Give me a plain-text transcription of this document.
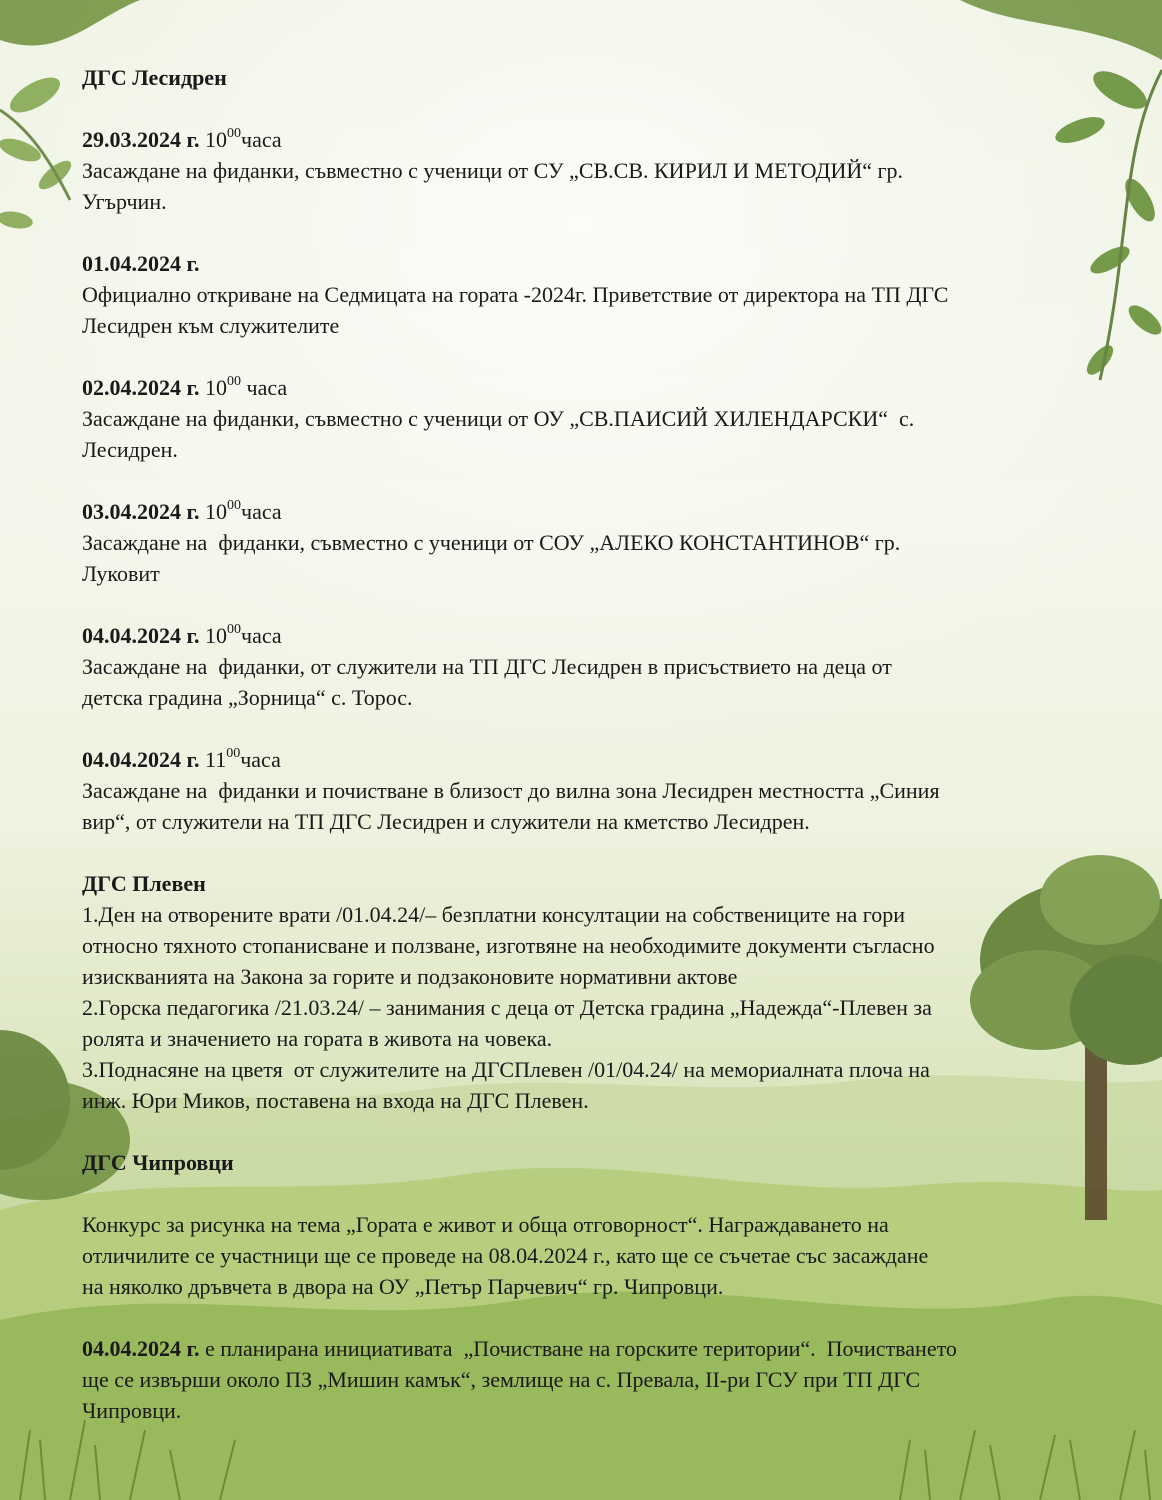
ДГС Лесидрен
29.03.2024 г. $10^{00}часа$
Засаждане на фиданки, съвместно с ученици от СУ „СВ.СВ. КИРИЛ И МЕТОДИЙ“ гр.
Угърчин.
01.04.2024 г.
Официално откриване на Седмицата на гората -2024г. Приветствие от директора на ТП ДГС
Лесидрен към служителите
02.04.2024 г. $10^{00}$ часа
Засаждане на фиданки, съвместно с ученици от ОУ „СВ.ПАИСИЙ ХИЛЕНДАРСКИ“  с.
Лесидрен.
03.04.2024 г. $10^{00}часа$
Засаждане на  фиданки, съвместно с ученици от СОУ „АЛЕКО КОНСТАНТИНОВ“ гр.
Луковит
04.04.2024 г. $10^{00}часа$
Засаждане на  фиданки, от служители на ТП ДГС Лесидрен в присъствието на деца от
детска градина „Зорница“ с. Торос.
04.04.2024 г. $11^{00}часа$
Засаждане на  фиданки и почистване в близост до вилна зона Лесидрен местността „Синия
вир“, от служители на ТП ДГС Лесидрен и служители на кметство Лесидрен.
ДГС Плевен
1.Ден на отворените врати /01.04.24/– безплатни консултации на собствениците на гори
относно тяхното стопанисване и ползване, изготвяне на необходимите документи съгласно
изискванията на Закона за горите и подзаконовите нормативни актове
2.Горска педагогика /21.03.24/ – занимания с деца от Детска градина „Надежда“-Плевен за
ролята и значението на гората в живота на човека.
3.Поднасяне на цветя  от служителите на ДГСПлевен /01/04.24/ на мемориалната плоча на
инж. Юри Миков, поставена на входа на ДГС Плевен.
ДГС Чипровци
Конкурс за рисунка на тема „Гората е живот и обща отговорност“. Награждаването на
отличилите се участници ще се проведе на 08.04.2024 г., като ще се съчетае със засаждане
на няколко дръвчета в двора на ОУ „Петър Парчевич“ гр. Чипровци.
04.04.2024 г. е планирана инициативата  „Почистване на горските територии“.  Почистването
ще се извърши около ПЗ „Мишин камък“, землище на с. Превала, II-ри ГСУ при ТП ДГС
Чипровци.
